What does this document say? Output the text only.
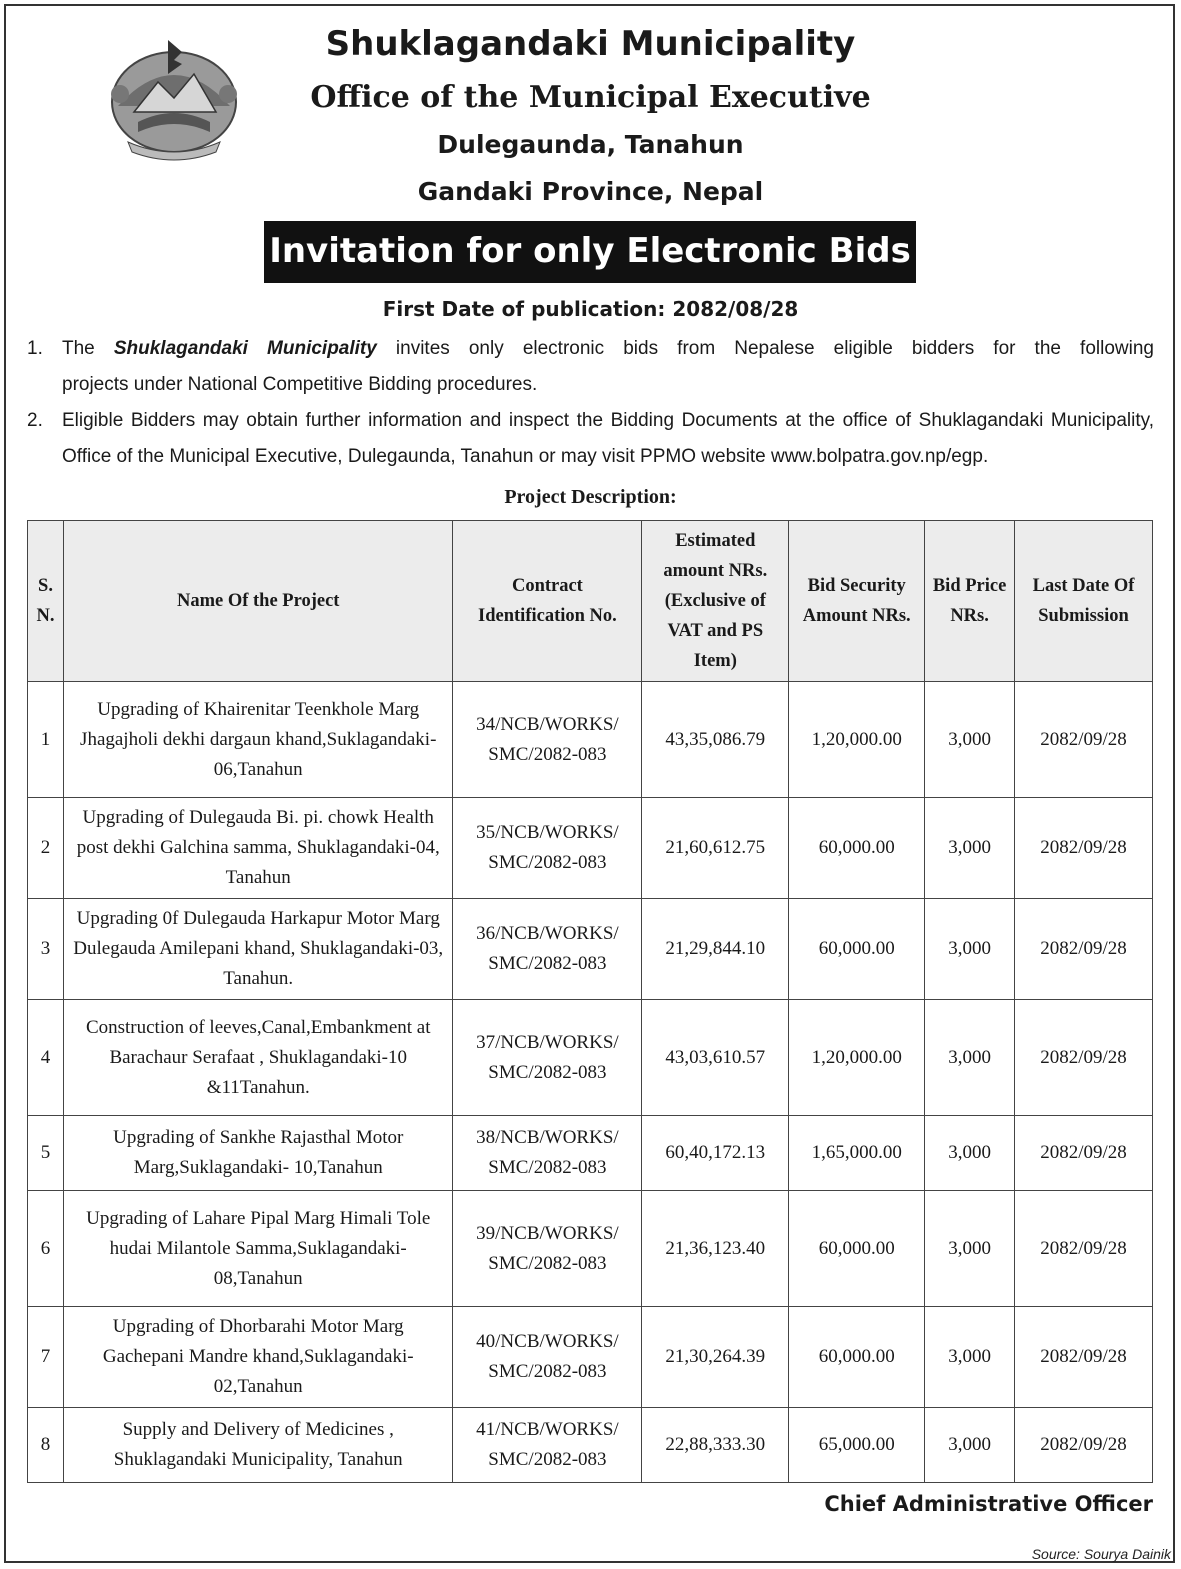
Shuklagandaki Municipality
Office of the Municipal Executive
Dulegaunda, Tanahun
Gandaki Province, Nepal
Invitation for only Electronic Bids
First Date of publication: 2082/08/28
1. The Shuklagandaki Municipality invites only electronic bids from Nepalese eligible bidders for the following
projects under National Competitive Bidding procedures.
2. Eligible Bidders may obtain further information and inspect the Bidding Documents at the office of Shuklagandaki Municipality, Office of the Municipal Executive, Dulegaunda, Tanahun or may visit PPMO website www.bolpatra.gov.np/egp.
Project Description:
S. N.	Name Of the Project	Contract Identification No.	Estimated amount NRs. (Exclusive of VAT and PS Item)	Bid Security Amount NRs.	Bid Price NRs.	Last Date Of Submission
1	Upgrading of Khairenitar Teenkhole Marg Jhagajholi dekhi dargaun khand,Suklagandaki-06,Tanahun	34/NCB/WORKS/ SMC/2082-083	43,35,086.79	1,20,000.00	3,000	2082/09/28
2	Upgrading of Dulegauda Bi. pi. chowk Health post dekhi Galchina samma, Shuklagandaki-04, Tanahun	35/NCB/WORKS/ SMC/2082-083	21,60,612.75	60,000.00	3,000	2082/09/28
3	Upgrading 0f Dulegauda Harkapur Motor Marg Dulegauda Amilepani khand, Shuklagandaki-03, Tanahun.	36/NCB/WORKS/ SMC/2082-083	21,29,844.10	60,000.00	3,000	2082/09/28
4	Construction of leeves,Canal,Embankment at Barachaur Serafaat , Shuklagandaki-10 &11Tanahun.	37/NCB/WORKS/ SMC/2082-083	43,03,610.57	1,20,000.00	3,000	2082/09/28
5	Upgrading of Sankhe Rajasthal Motor Marg,Suklagandaki- 10,Tanahun	38/NCB/WORKS/ SMC/2082-083	60,40,172.13	1,65,000.00	3,000	2082/09/28
6	Upgrading of Lahare Pipal Marg Himali Tole hudai Milantole Samma,Suklagandaki-08,Tanahun	39/NCB/WORKS/ SMC/2082-083	21,36,123.40	60,000.00	3,000	2082/09/28
7	Upgrading of Dhorbarahi Motor Marg Gachepani Mandre khand,Suklagandaki-02,Tanahun	40/NCB/WORKS/ SMC/2082-083	21,30,264.39	60,000.00	3,000	2082/09/28
8	Supply and Delivery of Medicines , Shuklagandaki Municipality, Tanahun	41/NCB/WORKS/ SMC/2082-083	22,88,333.30	65,000.00	3,000	2082/09/28
Chief Administrative Officer
Source: Sourya Dainik
